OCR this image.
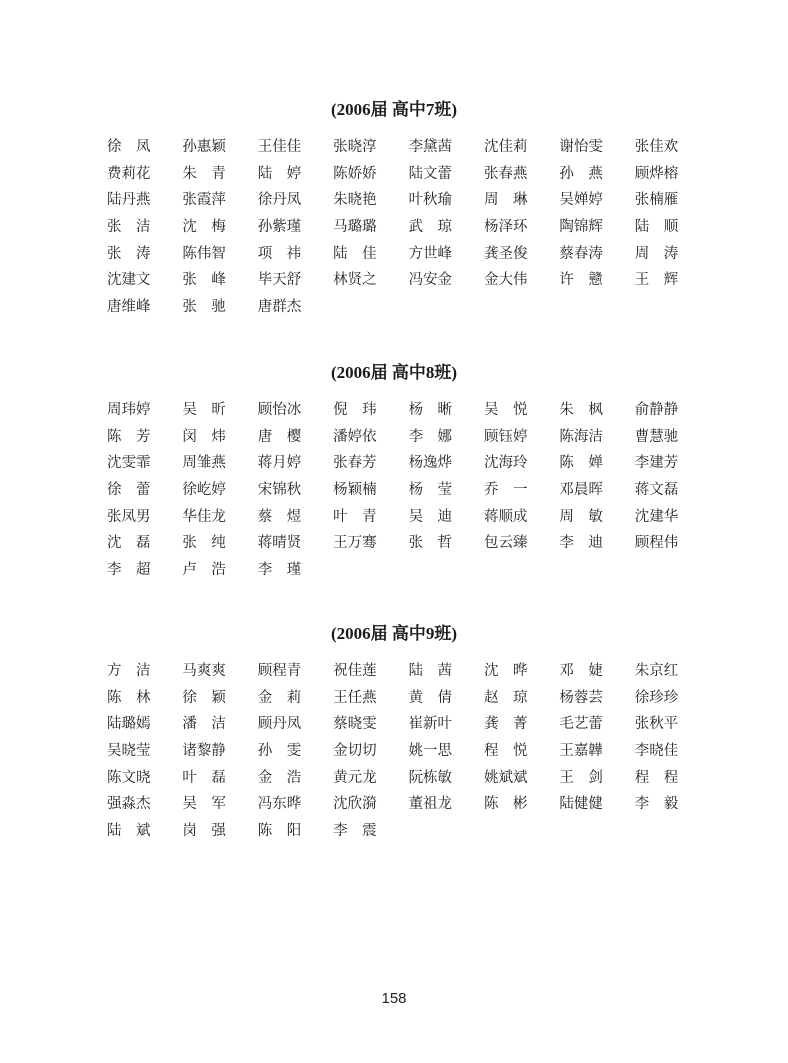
(2006届 高中7班)
徐　凤	孙惠颖	王佳佳	张晓淳	李黛茜	沈佳莉	谢怡雯	张佳欢
费莉花	朱　青	陆　婷	陈娇娇	陆文蕾	张春燕	孙　燕	顾烨榕
陆丹燕	张霞萍	徐丹凤	朱晓艳	叶秋瑜	周　琳	吴婵婷	张楠雁
张　洁	沈　梅	孙紫瑾	马璐璐	武　琼	杨泽环	陶锦辉	陆　顺
张　涛	陈伟智	项　祎	陆　佳	方世峰	龚圣俊	蔡春涛	周　涛
沈建文	张　峰	毕天舒	林贤之	冯安金	金大伟	许　戆	王　辉
唐维峰	张　驰	唐群杰
(2006届 高中8班)
周玮婷	吴　昕	顾怡冰	倪　玮	杨　晰	吴　悦	朱　枫	俞静静
陈　芳	闵　炜	唐　樱	潘婷依	李　娜	顾钰婷	陈海洁	曹慧驰
沈雯霏	周雏燕	蒋月婷	张春芳	杨逸烨	沈海玲	陈　婵	李建芳
徐　蕾	徐屹婷	宋锦秋	杨颖楠	杨　莹	乔　一	邓晨晖	蒋文磊
张凤男	华佳龙	蔡　煜	叶　青	吴　迪	蒋顺成	周　敏	沈建华
沈　磊	张　纯	蒋晴贤	王万骞	张　哲	包云臻	李　迪	顾程伟
李　超	卢　浩	李　瑾
(2006届 高中9班)
方　洁	马爽爽	顾程青	祝佳莲	陆　茜	沈　晔	邓　婕	朱京红
陈　林	徐　颖	金　莉	王任燕	黄　倩	赵　琼	杨蓉芸	徐珍珍
陆璐嫣	潘　洁	顾丹凤	蔡晓雯	崔新叶	龚　菁	毛艺蕾	张秋平
吴晓莹	诸黎静	孙　雯	金切切	姚一思	程　悦	王嘉韡	李晓佳
陈文晓	叶　磊	金　浩	黄元龙	阮栋敏	姚斌斌	王　剑	程　程
强淼杰	吴　军	冯东晔	沈欣漪	董祖龙	陈　彬	陆健健	李　毅
陆　斌	岗　强	陈　阳	李　震
158
